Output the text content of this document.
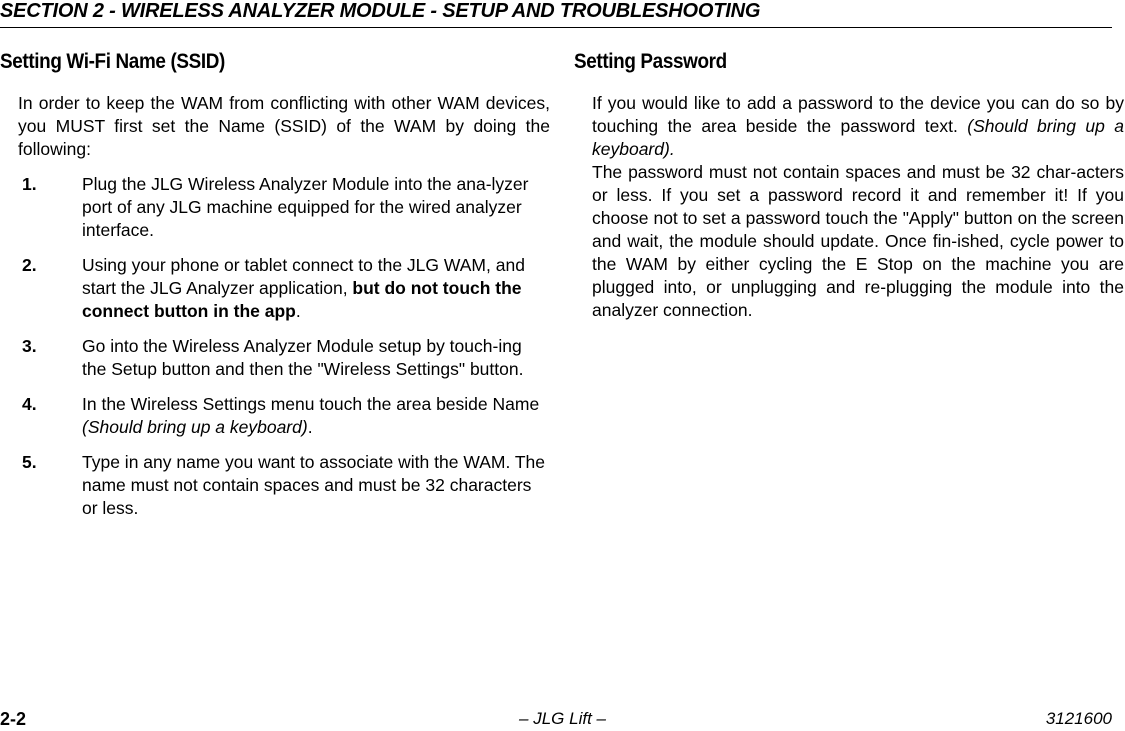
SECTION 2 - WIRELESS ANALYZER MODULE - SETUP AND TROUBLESHOOTING
Setting Wi-Fi Name (SSID)

In order to keep the WAM from conflicting with other WAM devices, you MUST first set the Name (SSID) of the WAM by doing the following:

1.	Plug the JLG Wireless Analyzer Module into the ana-lyzer port of any JLG machine equipped for the wired analyzer interface.
2.	Using your phone or tablet connect to the JLG WAM, and start the JLG Analyzer application, but do not touch the connect button in the app.
3.	Go into the Wireless Analyzer Module setup by touch-ing the Setup button and then the "Wireless Settings" button.
4.	In the Wireless Settings menu touch the area beside Name (Should bring up a keyboard).
5.	Type in any name you want to associate with the WAM. The name must not contain spaces and must be 32 characters or less.
Setting Password

If you would like to add a password to the device you can do so by touching the area beside the password text. (Should bring up a keyboard).

The password must not contain spaces and must be 32 char-acters or less. If you set a password record it and remember it! If you choose not to set a password touch the "Apply" button on the screen and wait, the module should update. Once fin-ished, cycle power to the WAM by either cycling the E Stop on the machine you are plugged into, or unplugging and re-plugging the module into the analyzer connection.

2-2	– JLG Lift –	3121600
